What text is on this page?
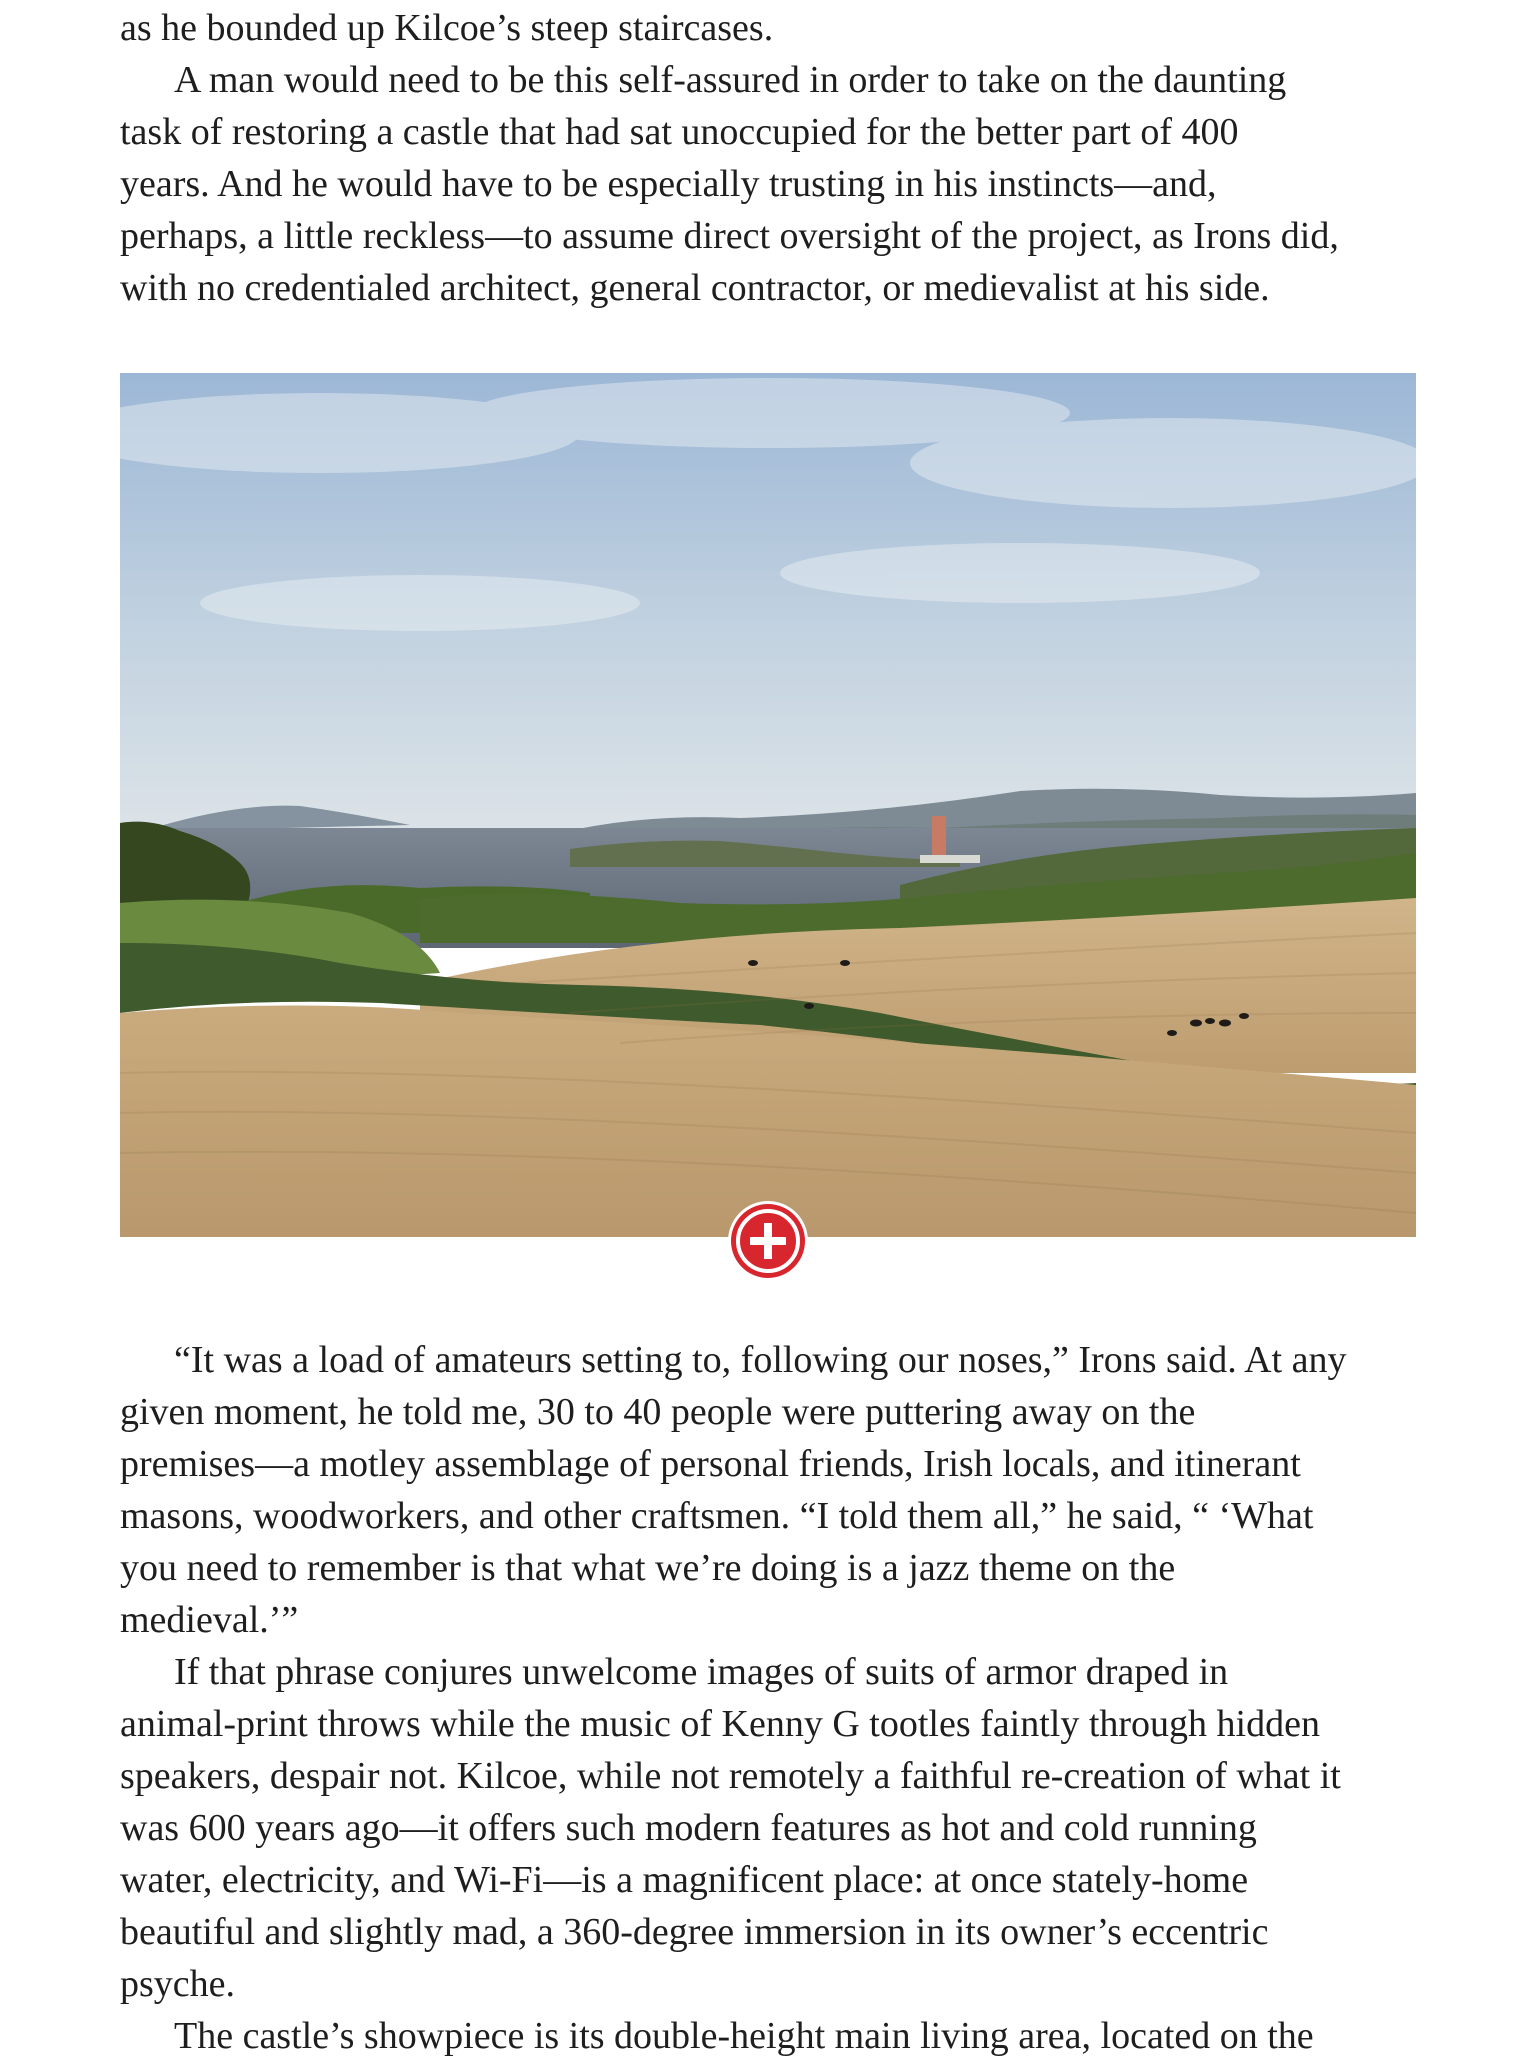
as he bounded up Kilcoe’s steep staircases.

A man would need to be this self-assured in order to take on the daunting
task of restoring a castle that had sat unoccupied for the better part of 400
years. And he would have to be especially trusting in his instincts—and,
perhaps, a little reckless—to assume direct oversight of the project, as Irons did,
with no credentialed architect, general contractor, or medievalist at his side.

“It was a load of amateurs setting to, following our noses,” Irons said. At any
given moment, he told me, 30 to 40 people were puttering away on the
premises—a motley assemblage of personal friends, Irish locals, and itinerant
masons, woodworkers, and other craftsmen. “I told them all,” he said, “ ‘What
you need to remember is that what we’re doing is a jazz theme on the
medieval.’”

If that phrase conjures unwelcome images of suits of armor draped in
animal-print throws while the music of Kenny G tootles faintly through hidden
speakers, despair not. Kilcoe, while not remotely a faithful re-creation of what it
was 600 years ago—it offers such modern features as hot and cold running
water, electricity, and Wi-Fi—is a magnificent place: at once stately-home
beautiful and slightly mad, a 360-degree immersion in its owner’s eccentric
psyche.

The castle’s showpiece is its double-height main living area, located on the
